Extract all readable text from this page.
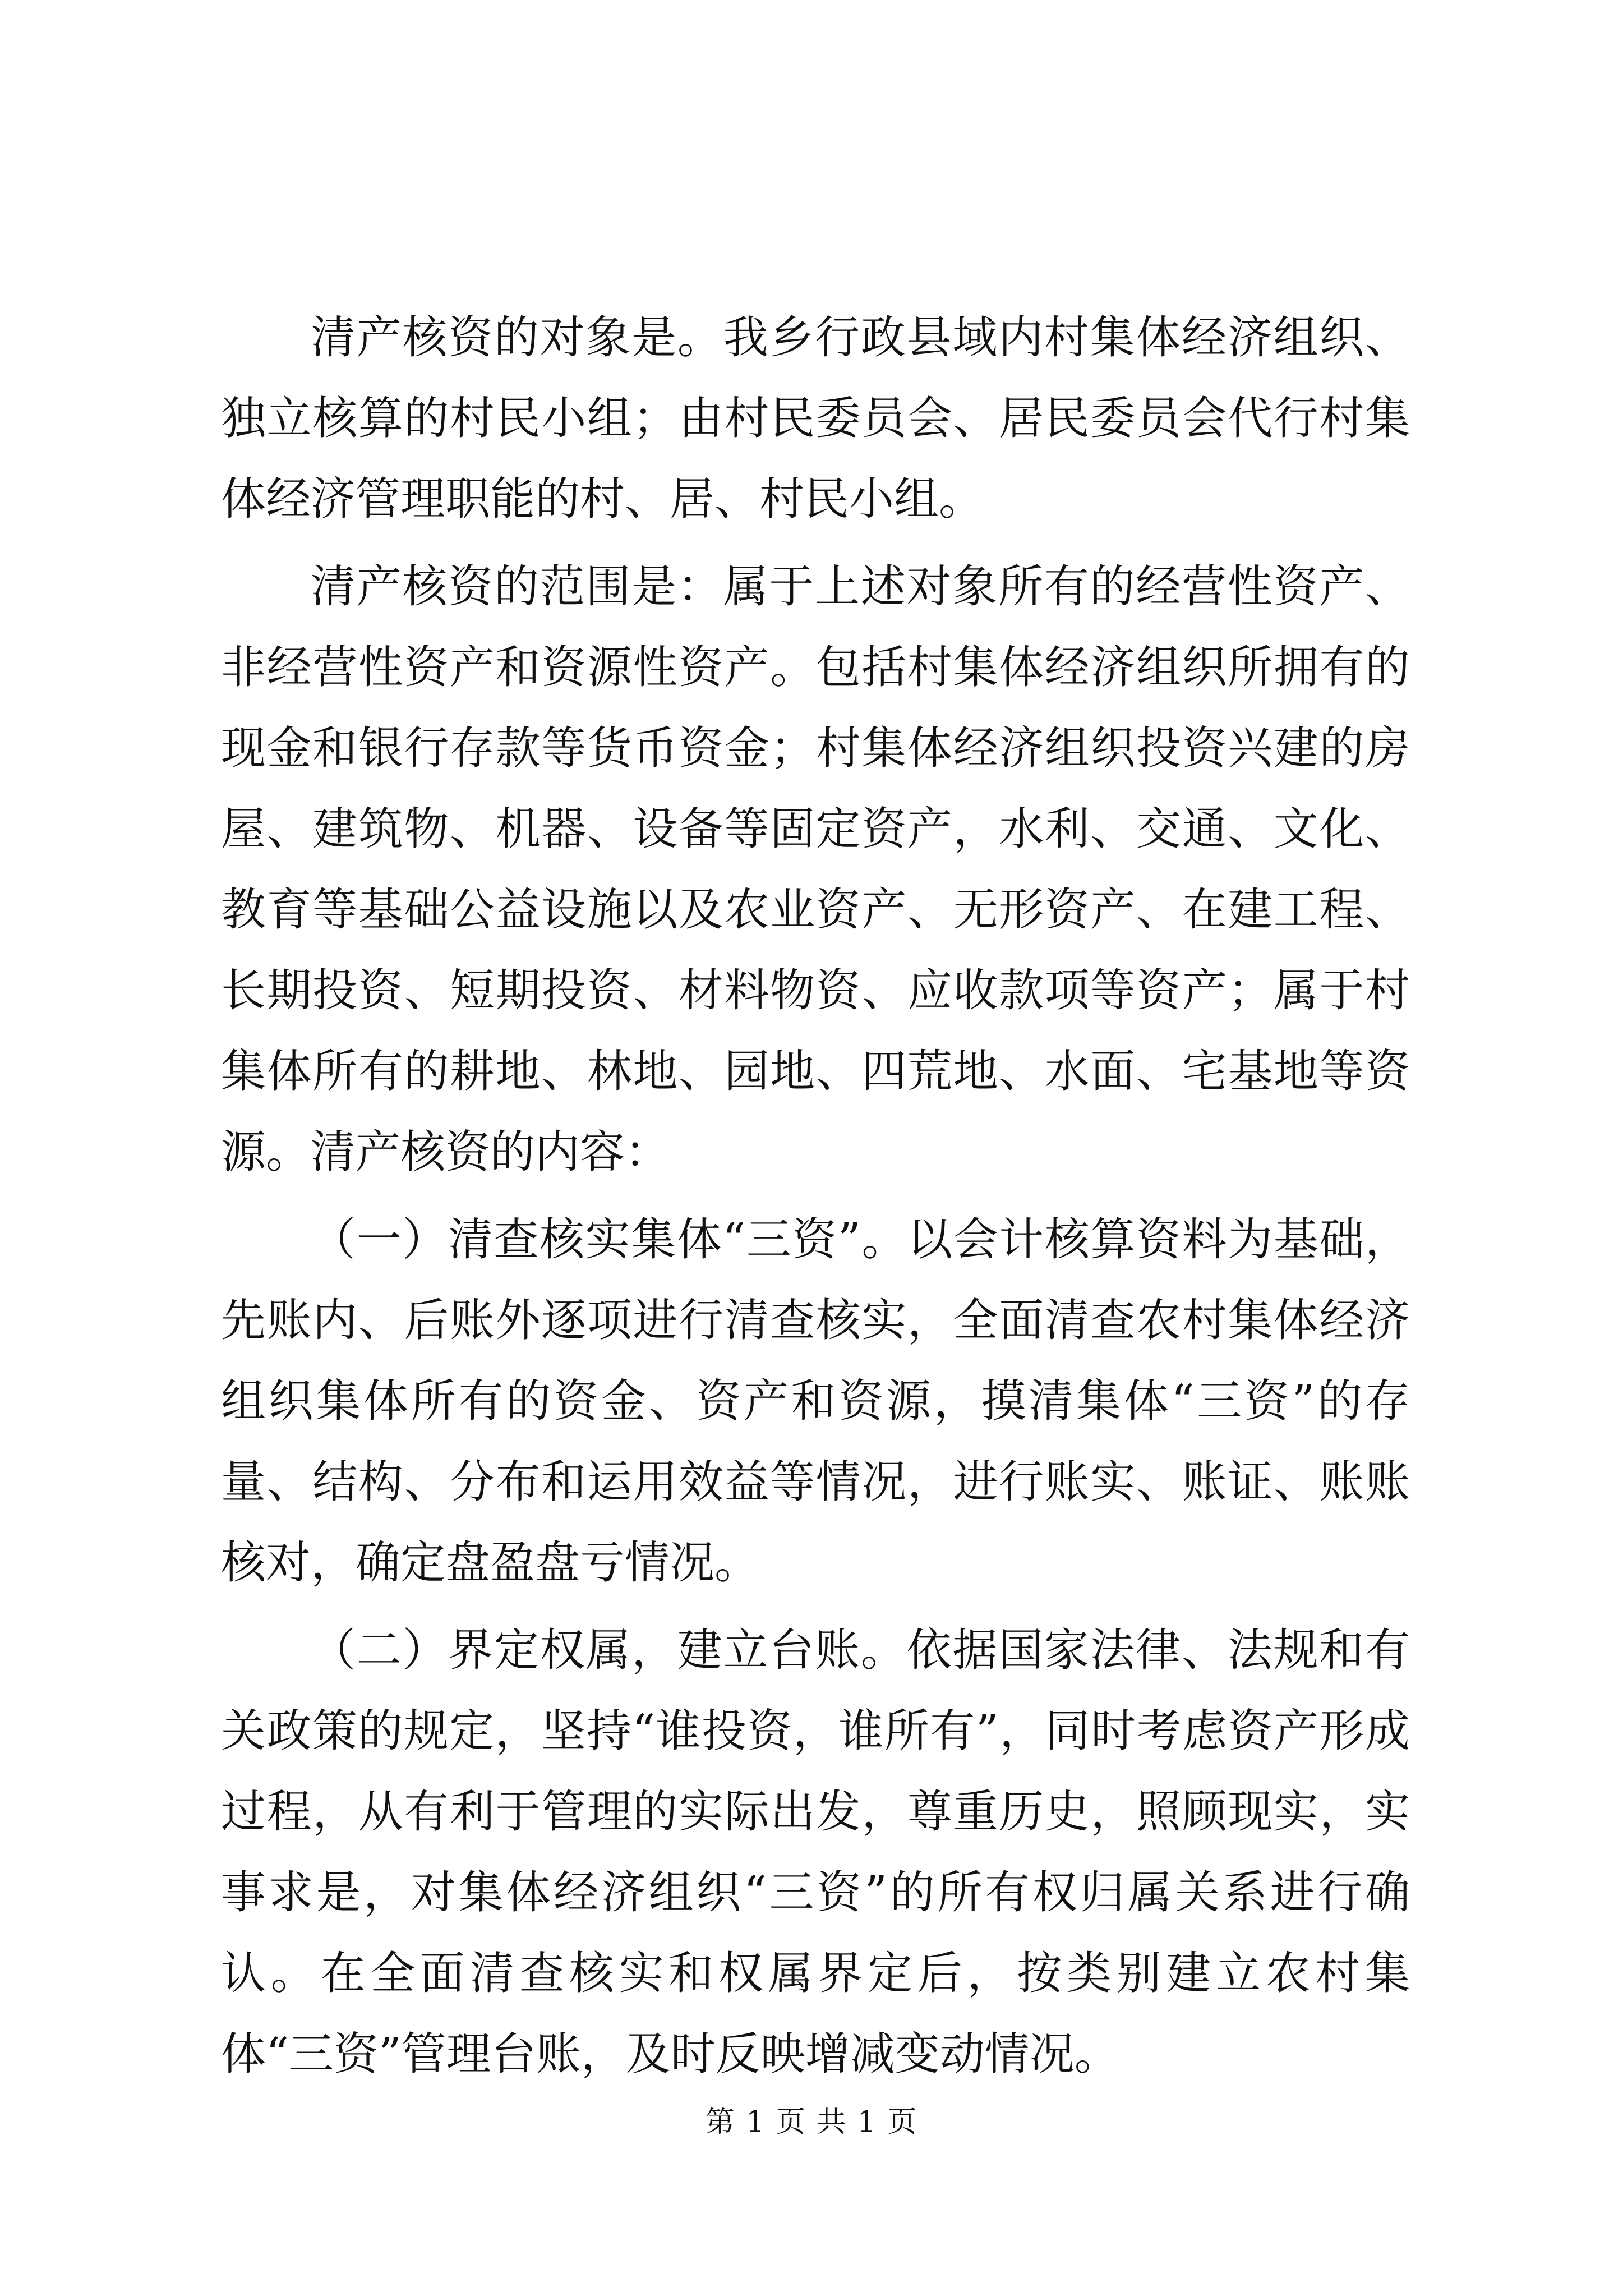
清产核资的对象是。我乡行政县域内村集体经济组织、独立核算的村民小组；由村民委员会、居民委员会代行村集体经济管理职能的村、居、村民小组。

清产核资的范围是：属于上述对象所有的经营性资产、非经营性资产和资源性资产。包括村集体经济组织所拥有的现金和银行存款等货币资金；村集体经济组织投资兴建的房屋、建筑物、机器、设备等固定资产，水利、交通、文化、教育等基础公益设施以及农业资产、无形资产、在建工程、长期投资、短期投资、材料物资、应收款项等资产；属于村集体所有的耕地、林地、园地、四荒地、水面、宅基地等资源。清产核资的内容：

（一）清查核实集体“三资”。以会计核算资料为基础，先账内、后账外逐项进行清查核实，全面清查农村集体经济组织集体所有的资金、资产和资源，摸清集体“三资”的存量、结构、分布和运用效益等情况，进行账实、账证、账账核对，确定盘盈盘亏情况。

（二）界定权属，建立台账。依据国家法律、法规和有关政策的规定，坚持“谁投资，谁所有”，同时考虑资产形成过程，从有利于管理的实际出发，尊重历史，照顾现实，实事求是，对集体经济组织“三资”的所有权归属关系进行确认。在全面清查核实和权属界定后，按类别建立农村集体“三资”管理台账，及时反映增减变动情况。

第 1 页 共 1 页
